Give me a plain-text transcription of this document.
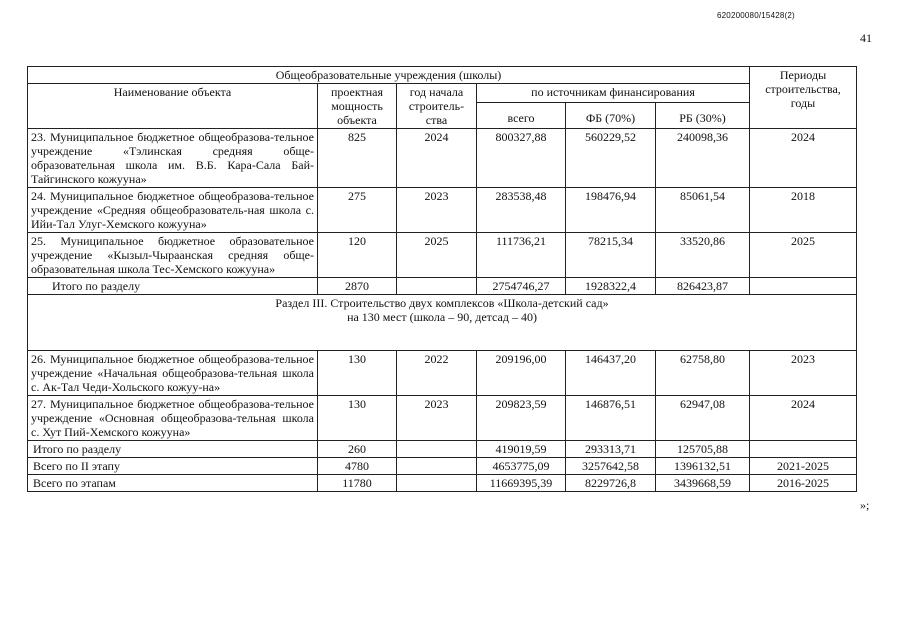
620200080/15428(2)
41
Общеобразовательные учреждения (школы)						Периоды строительства, годы
Наименование объекта	проектная мощность объекта	год начала строитель-ства	по источникам финансирования			
			всего	ФБ (70%)	РБ (30%)	
23. Муниципальное бюджетное общеобразова-тельное учреждение «Тэлинская средняя обще-образовательная школа им. В.Б. Кара-Сала Бай-Тайгинского кожууна»	825	2024	800327,88	560229,52	240098,36	2024
24. Муниципальное бюджетное общеобразова-тельное учреждение «Средняя общеобразователь-ная школа с. Ийи-Тал Улуг-Хемского кожууна»	275	2023	283538,48	198476,94	85061,54	2018
25. Муниципальное бюджетное образовательное учреждение «Кызыл-Чыраанская средняя обще-образовательная школа Тес-Хемского кожууна»	120	2025	111736,21	78215,34	33520,86	2025
Итого по разделу	2870		2754746,27	1928322,4	826423,87	

Раздел III. Строительство двух комплексов «Школа-детский сад»
на 130 мест (школа – 90, детсад – 40)						

26. Муниципальное бюджетное общеобразова-тельное учреждение «Начальная общеобразова-тельная школа с. Ак-Тал Чеди-Хольского кожуу-на»	130	2022	209196,00	146437,20	62758,80	2023
27. Муниципальное бюджетное общеобразова-тельное учреждение «Основная общеобразова-тельная школа с. Хут Пий-Хемского кожууна»	130	2023	209823,59	146876,51	62947,08	2024
Итого по разделу	260		419019,59	293313,71	125705,88	
Всего по II этапу	4780		4653775,09	3257642,58	1396132,51	2021-2025
Всего по этапам	11780		11669395,39	8229726,8	3439668,59	2016-2025
»;
